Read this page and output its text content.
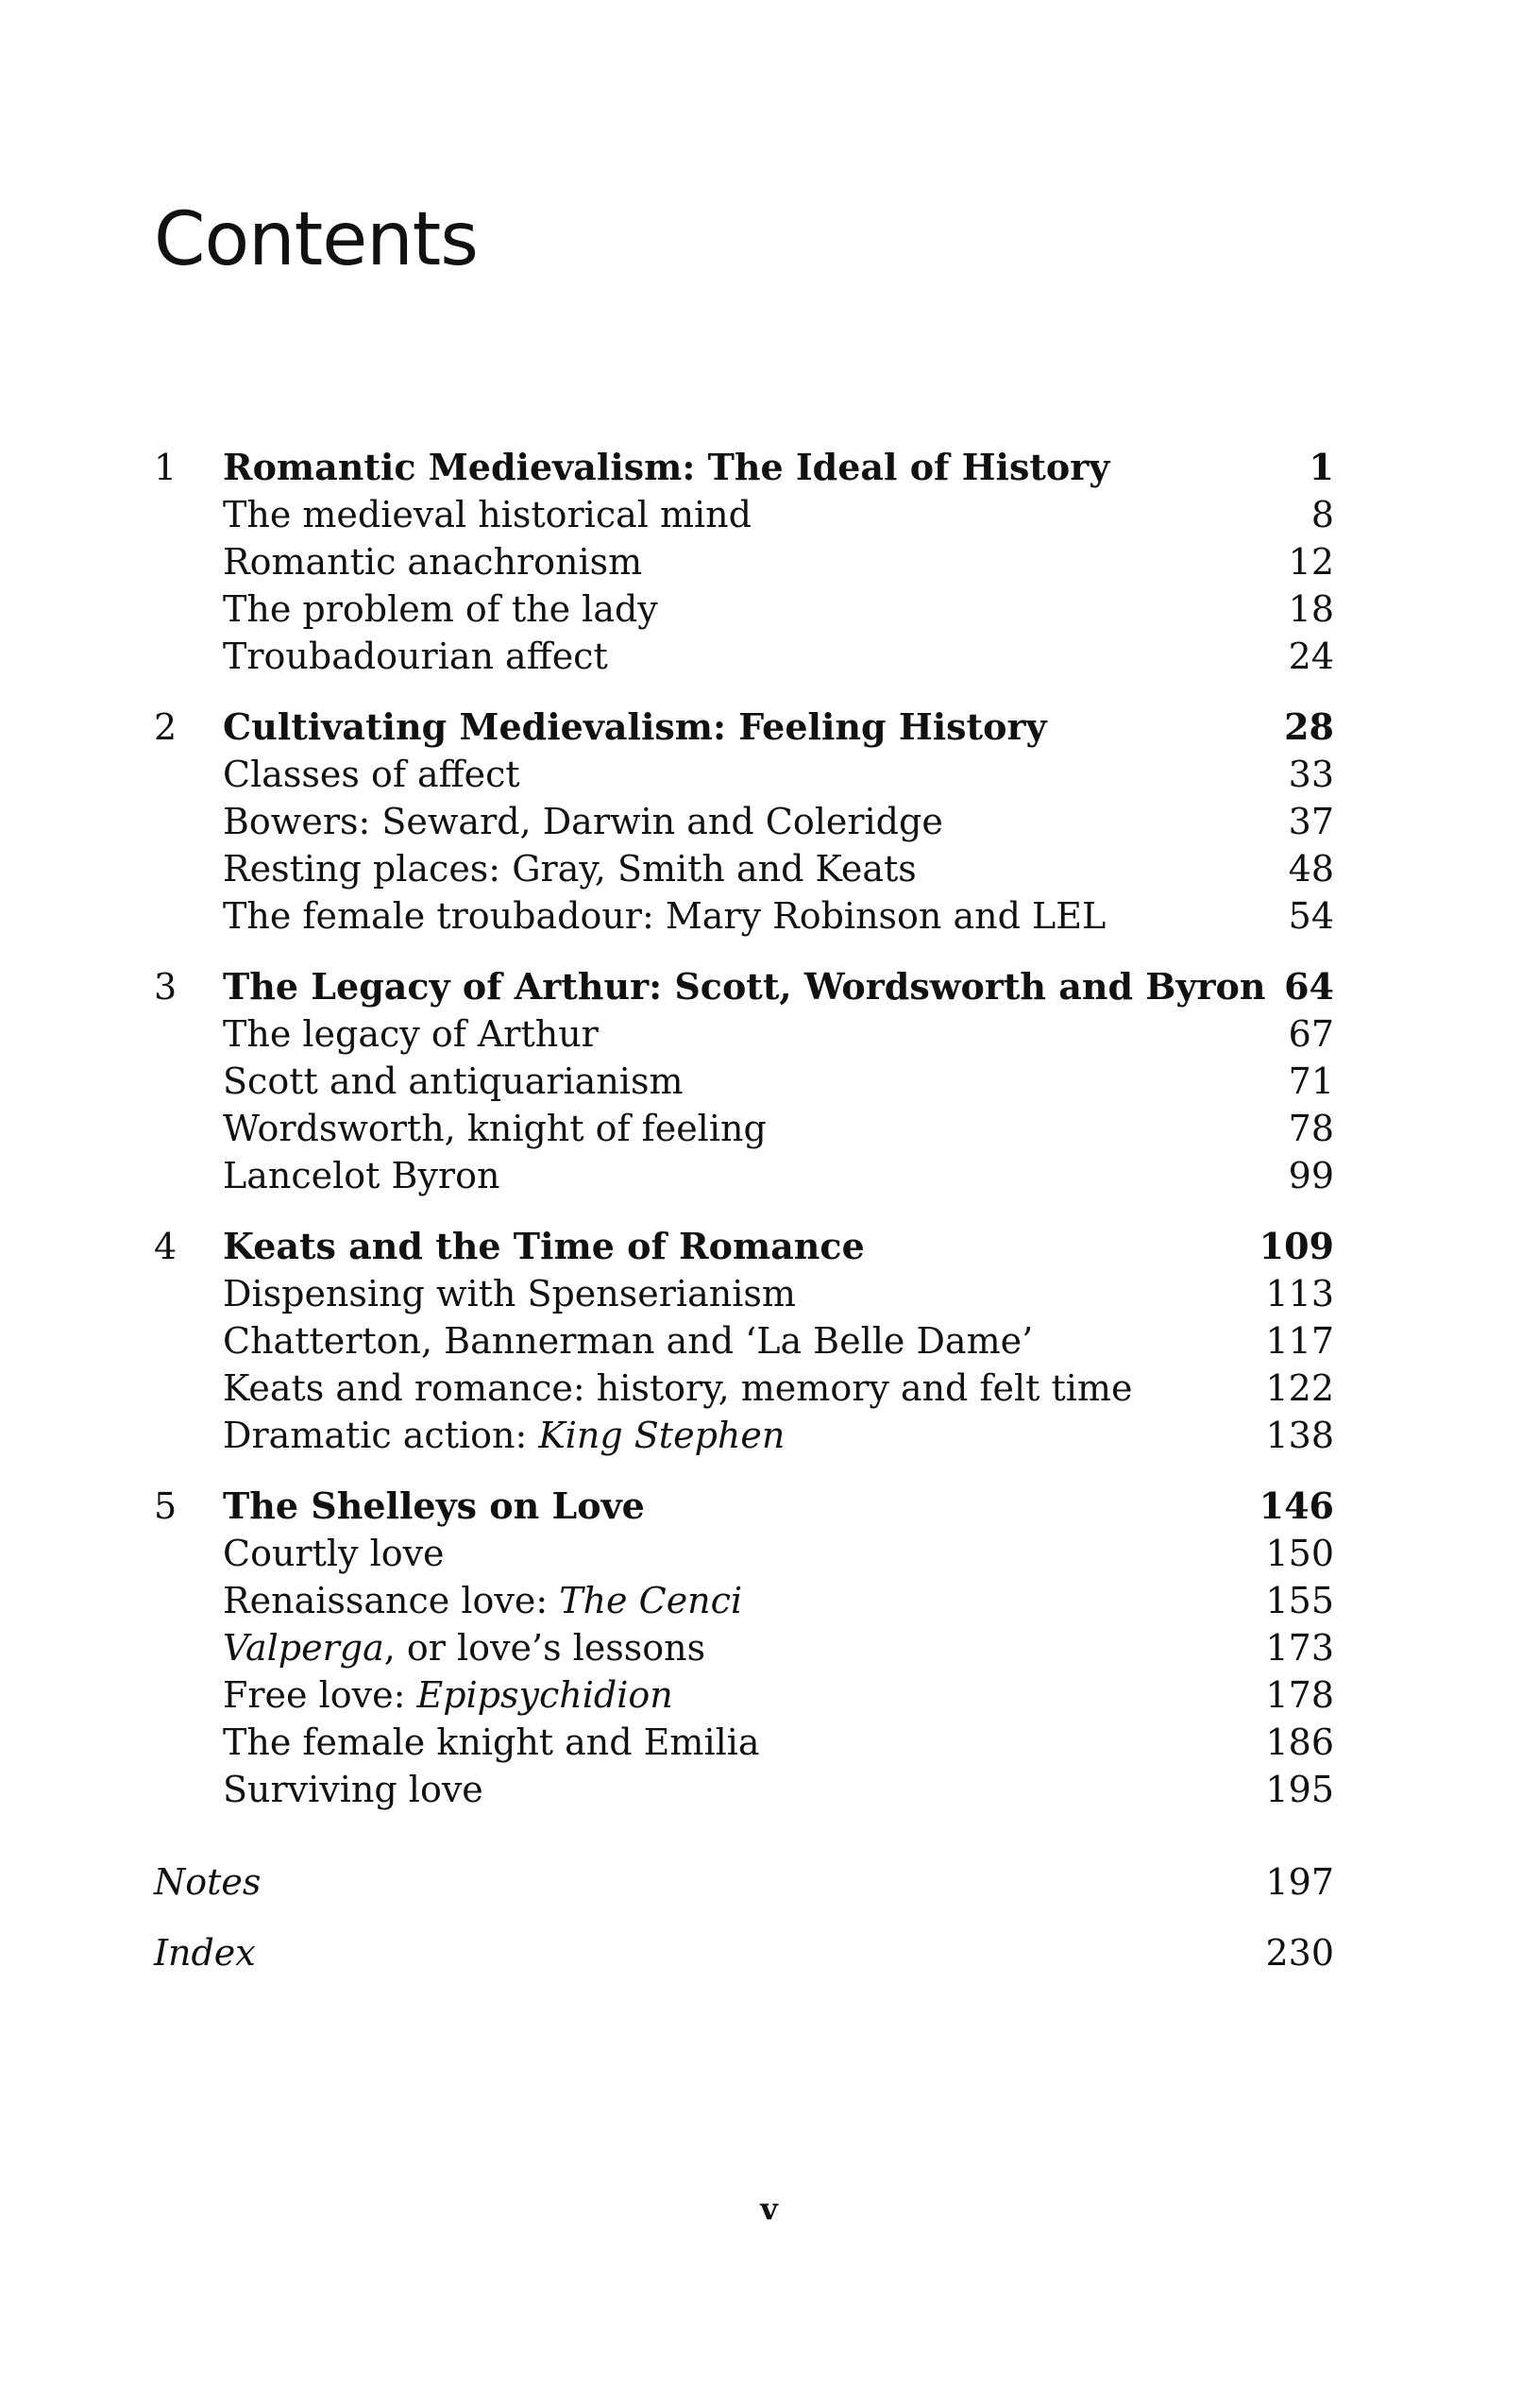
Contents
1 Romantic Medievalism: The Ideal of History	1
The medieval historical mind	8
Romantic anachronism	12
The problem of the lady	18
Troubadourian affect	24
2 Cultivating Medievalism: Feeling History	28
Classes of affect	33
Bowers: Seward, Darwin and Coleridge	37
Resting places: Gray, Smith and Keats	48
The female troubadour: Mary Robinson and LEL	54
3 The Legacy of Arthur: Scott, Wordsworth and Byron 64
The legacy of Arthur	67
Scott and antiquarianism	71
Wordsworth, knight of feeling	78
Lancelot Byron	99
4 Keats and the Time of Romance	109
Dispensing with Spenserianism	113
Chatterton, Bannerman and ‘La Belle Dame’	117
Keats and romance: history, memory and felt time	122
Dramatic action: King Stephen	138
5 The Shelleys on Love	146
Courtly love	150
Renaissance love: The Cenci	155
Valperga, or love’s lessons	173
Free love: Epipsychidion	178
The female knight and Emilia	186
Surviving love	195
Notes	197
Index	230
v
